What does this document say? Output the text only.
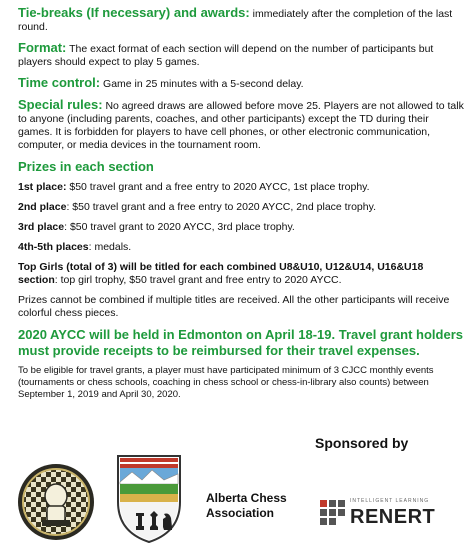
Tie-breaks (If necessary) and awards: immediately after the completion of the last round.

Format: The exact format of each section will depend on the number of participants but players should expect to play 5 games.

Time control: Game in 25 minutes with a 5-second delay.

Special rules: No agreed draws are allowed before move 25. Players are not allowed to talk to anyone (including parents, coaches, and other participants) except the TD during their games. It is forbidden for players to have cell phones, or other electronic communication, computer, or media devices in the tournament room.

Prizes in each section

1st place: $50 travel grant and a free entry to 2020 AYCC, 1st place trophy.

2nd place: $50 travel grant and a free entry to 2020 AYCC, 2nd place trophy.

3rd place: $50 travel grant to 2020 AYCC, 3rd place trophy.

4th-5th places: medals.

Top Girls (total of 3) will be titled for each combined U8&U10, U12&U14, U16&U18 section: top girl trophy, $50 travel grant and free entry to 2020 AYCC.

Prizes cannot be combined if multiple titles are received. All the other participants will receive colorful chess pieces.

2020 AYCC will be held in Edmonton on April 18-19. Travel grant holders must provide receipts to be reimbursed for their travel expenses.

To be eligible for travel grants, a player must have participated minimum of 3 CJCC monthly events (tournaments or chess schools, coaching in chess school or chess-in-library also counts) between September 1, 2019 and April 30, 2020.

Alberta Chess Association
Sponsored by
INTELLIGENT LEARNING
RENERT
